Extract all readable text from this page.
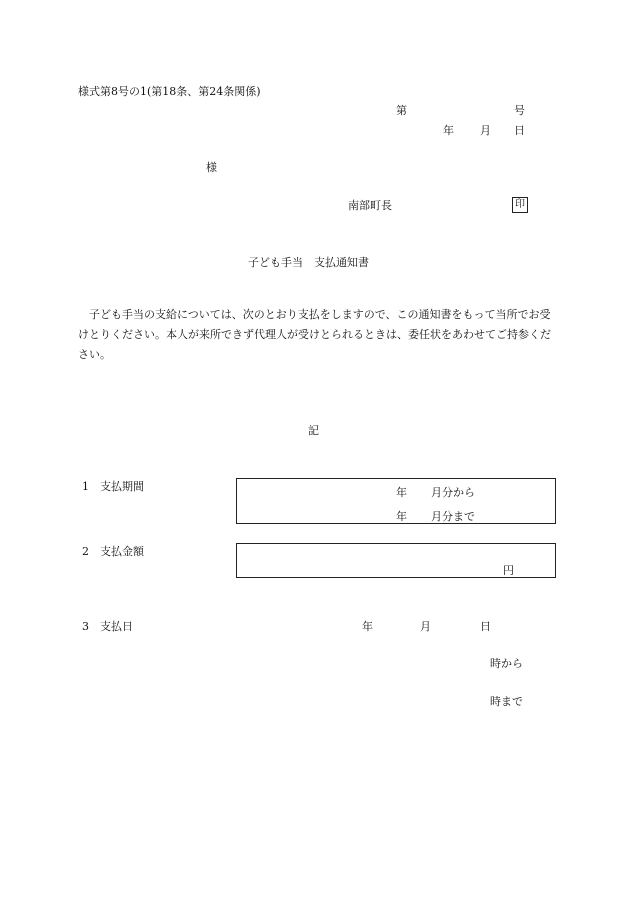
様式第8号の1(第18条、第24条関係)
第	号
年 月 日
様
南部町長	印
子ども手当　支払通知書
　子ども手当の支給については、次のとおり支払をしますので、この通知書をもって当所でお受けとりください。本人が来所できず代理人が受けとられるときは、委任状をあわせてご持参ください。
記
1　支払期間	年 月分から
年 月分まで
2　支払金額
円
3　支払日	年	月	日
時から
時まで
